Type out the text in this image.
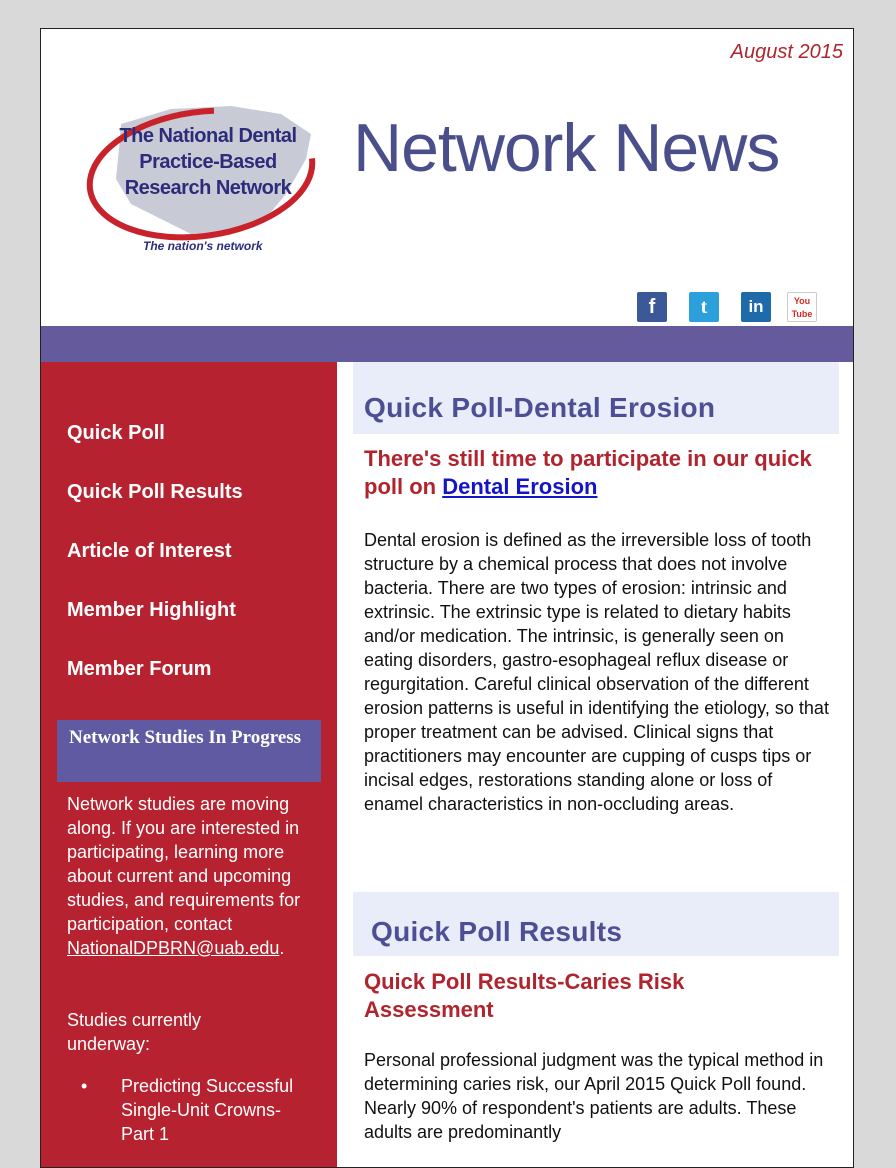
August 2015
The National Dental
Practice-Based
Research Network
The nation's network
Network News
f	t	in	You Tube
Quick Poll
Quick Poll Results
Article of Interest
Member Highlight
Member Forum
Network Studies In Progress
Network studies are moving along. If you are interested in participating, learning more about current and upcoming studies, and requirements for participation, contact NationalDPBRN@uab.edu.
Studies currently underway:
• Predicting Successful Single-Unit Crowns-Part 1
Quick Poll-Dental Erosion
There's still time to participate in our quick poll on Dental Erosion
Dental erosion is defined as the irreversible loss of tooth structure by a chemical process that does not involve bacteria. There are two types of erosion: intrinsic and extrinsic. The extrinsic type is related to dietary habits and/or medication. The intrinsic, is generally seen on eating disorders, gastro-esophageal reflux disease or regurgitation. Careful clinical observation of the different erosion patterns is useful in identifying the etiology, so that proper treatment can be advised. Clinical signs that practitioners may encounter are cupping of cusps tips or incisal edges, restorations standing alone or loss of enamel characteristics in non-occluding areas.
Quick Poll Results
Quick Poll Results-Caries Risk Assessment
Personal professional judgment was the typical method in determining caries risk, our April 2015 Quick Poll found. Nearly 90% of respondent's patients are adults. These adults are predominantly
